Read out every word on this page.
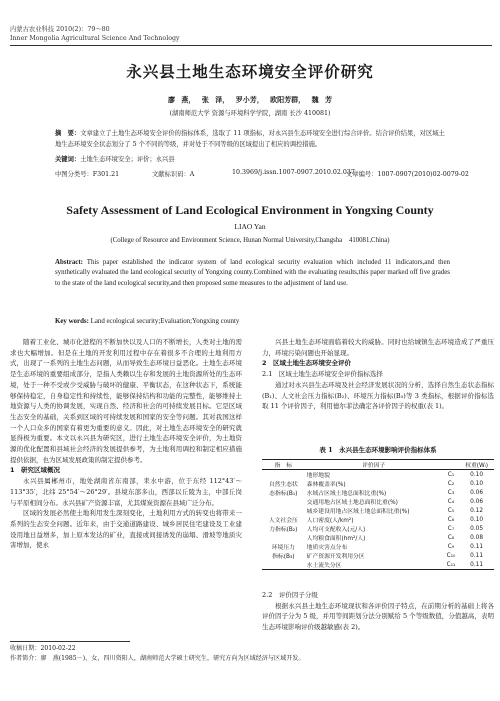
内蒙古农业科技 2010(2)：79～80
Inner Mongolia Agricultural Science And Technology
永兴县土地生态环境安全评价研究
廖 燕， 张 泽， 罗小芳， 欧阳芳群， 魏 芳
(湖南师范大学 资源与环境科学学院，湖南 长沙 410081)
摘　要：文章建立了土地生态环境安全评价的指标体系，选取了 11 项指标，对永兴县生态环境安全进行综合评价。结合评价结果，对区域土地生态环境安全状态划分了 5 个不同的等级，并对处于不同等级的区域提出了相应的调控措施。
关键词：土地生态环境安全；评价；永兴县
中图分类号：F301.21	文献标识码：A	10.3969/j.issn.1007-0907.2010.02.037
文章编号：1007-0907(2010)02-0079-02
Safety Assessment of Land Ecological Environment in Yongxing County
LIAO Yan
(College of Resource and Environment Science, Hunan Normal University,Changsha　410081,China)
Abstract: This paper established the indicator system of land ecological security evaluation which included 11 indicators,and then synthetically evaluated the land ecological security of Yongxing county.Combined with the evaluating results,this paper marked off five grades to the state of the land ecological security,and then proposed some measures to the adjustment of land use.
Key words: Land ecological security;Evaluation;Yongxing county

随着工业化、城市化进程的不断加快以及人口的不断增长，人类对土地的需求也大幅增加。但是在土地的开发利用过程中存在着很多不合理的土地利用方式，出现了一系列的土地生态问题，从而导致生态环境日益恶化。土地生态环境是生态环境的重要组成部分，是指人类赖以生存和发展的土地资源所处的生态环境，处于一种不受或少受威胁与破坏的健康、平衡状态，在这种状态下，系统能够保持稳定，自身稳定性和持续性，能够保持结构和功能的完整性，能够维持土地资源与人类的协调发展，实现自然、经济和社会的可持续发展目标。它是区域生态安全的基础，关系到区域的可持续发展和国家的安全等问题。其对我国这样一个人口众多的国家有着更为重要的意义。因此，对土地生态环境安全的研究就显得极为重要。本文以永兴县为研究区，进行土地生态环境安全评价，为土地资源的优化配置和县域社会经济的发展提供参考，为土地利用调控和制定相应措施提供依据，也为区域发展政策的制定提供参考。

1　研究区域概况

永兴县属郴州市，地处湖南省东南部，耒水中游，位于东经 112°43′～113°35′，北纬 25°54′～26°29′。县境东部多山，西部以丘陵为主，中部丘岗与平原相间分布。永兴县矿产资源丰富，尤其煤炭资源在县域广泛分布。

区域的发展必然使土地利用发生深刻变化，土地利用方式的转变也将带来一系列的生态安全问题。近年来，由于交通道路建设、城乡居民住宅建设及工业建设用地日益增多，加上原本发达的矿业，直接或间接诱发的崩塌、滑坡等地质灾害增加，使永

兴县土地生态环境面临着较大的威胁。同时也给城镇生态环境造成了严重压力，环境污染问题也开始显现。

2　区域土地生态环境安全评价

2.1　区域土地生态环境安全评价指标选择

通过对永兴县生态环境及社会经济发展状况的分析，选择自然生态状态指标(B₁)、人文社会压力指标(B₂)、环境压力指标(B₃)等 3 类指标，根据评价指标选取 11 个评价因子，利用德尔菲法确定各评价因子的权重(表 1)。

表 1　永兴县生态环境影响评价指标体系
指　标	评价因子		权重(Wᵢ)
	地形地貌	C₁	0.10
自然生态状	森林覆盖率(%)	C₂	0.10
态指标(B₁)	水域占区域土地总面积比重(%)	C₃	0.06
	交通用地占区域土地总面积比重(%)	C₄	0.06
	城乡建设用地占区域土地总面积比重(%)	C₅	0.12
人文社会压	人口密度(人/km²)	C₆	0.10
力指标(B₂)	人均可支配收入(元/人)	C₇	0.05
	人均粮食面积(hm²/人)	C₈	0.08
环境压力	地质灾害点分布	C₉	0.11
指标(B₃)	矿产资源开发利用分区	C₁₀	0.11
	水土流失分区	C₁₁	0.11

2.2　评价因子分级

根据永兴县土地生态环境现状和各评价因子特点，在前期分析的基础上将各评价因子分为 5 级，并用等间距划分法分别赋给 5 个等级数值，分值越高，表明生态环境影响评价级越敏感(表 2)。

收稿日期：2010-02-22
作者简介：廖　燕(1985－)，女，四川资阳人，湖南师范大学硕士研究生，研究方向为区域经济与区域开发。
